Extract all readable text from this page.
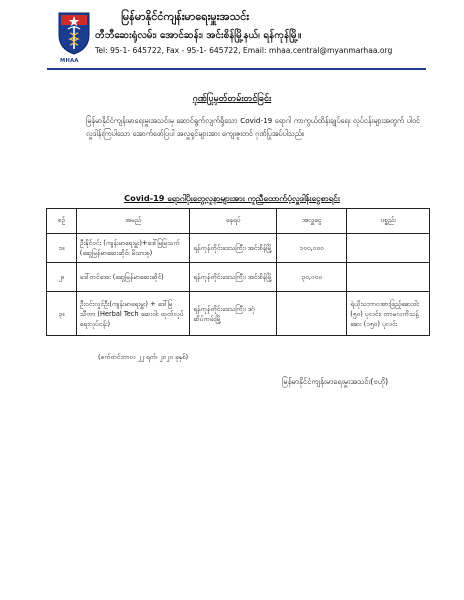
MHAA
မြန်မာနိုင်ငံကျန်းမာရေးမှူးအသင်း
တီဘီဆေးရုံလမ်း၊ အောင်ဆန်း၊ အင်းစိန်မြို့နယ်၊ ရန်ကုန်မြို့။
Tel: 95-1- 645722, Fax - 95-1- 645722, Email: mhaa.central@myanmarhaa.org
ဂုဏ်ပြုမှတ်တမ်းတင်ခြင်း
မြန်မာနိုင်ငံကျန်းမာရေးမှူးအသင်းမှ ဆောင်ရွက်လျက်ရှိသော Covid-19 ရောဂါ ကာကွယ်ထိန်းချုပ်ရေး လုပ်ငန်းများအတွက် ပါဝင်လှူဒါန်းကြပါသော အောက်ဖော်ပြပါ အလှူရှင်များအား ကျေးဇူးတင် ဂုဏ်ပြုအပ်ပါသည်။
Covid-19 ရောဂါပိုးတွေ့လူနာများအား ကူညီထောက်ပံ့လှူဒါန်းငွေစာရင်း
စဉ်	အမည်	နေရပ်	အလှူငွေ	ပစ္စည်း
၁။	ဦးနိုင်ဝင်း (ကျန်းမာရေးမှူး)+ဒေါ်မြမြသက် (ဆွေမြန်မာဆေးဆိုင်၊ မိသားစု)	ရန်ကုန်တိုင်းဒေသကြီး၊ အင်းစိန်မြို့	၁၀၀,၀၀၀	
၂။	ဒေါ်တင်အေး (ဆွေမြန်မာဆေးဆိုင်)	ရန်ကုန်တိုင်းဒေသကြီး၊ အင်းစိန်မြို့	၃၀,၀၀၀	
၃။	ဦးဝင်းလှုင်ဦး(ကျန်းမာရေးမှူး) + ဒေါ်မြသီတာ (Herbal Tech ဆေးဝါး ထုတ်လုပ်ရေးလုပ်ငန်း)	ရန်ကုန်တိုင်းဒေသကြီး၊ ဒဂုံဆိပ်ကမ်းမြို့		ရဲယိုသဘာဝအားဖြည့်ဆေးဝါး (၅၀) ပုလင်း၊ တာမလကိသန့်ဆေး (၁၅၀) ပုလင်း
(စက်တင်ဘာလ ၂၂ ရက်၊ ၂၀၂၀ ခုနှစ်)
မြန်မာနိုင်ငံကျန်းမာရေးမှူးအသင်း(ဗဟို)
